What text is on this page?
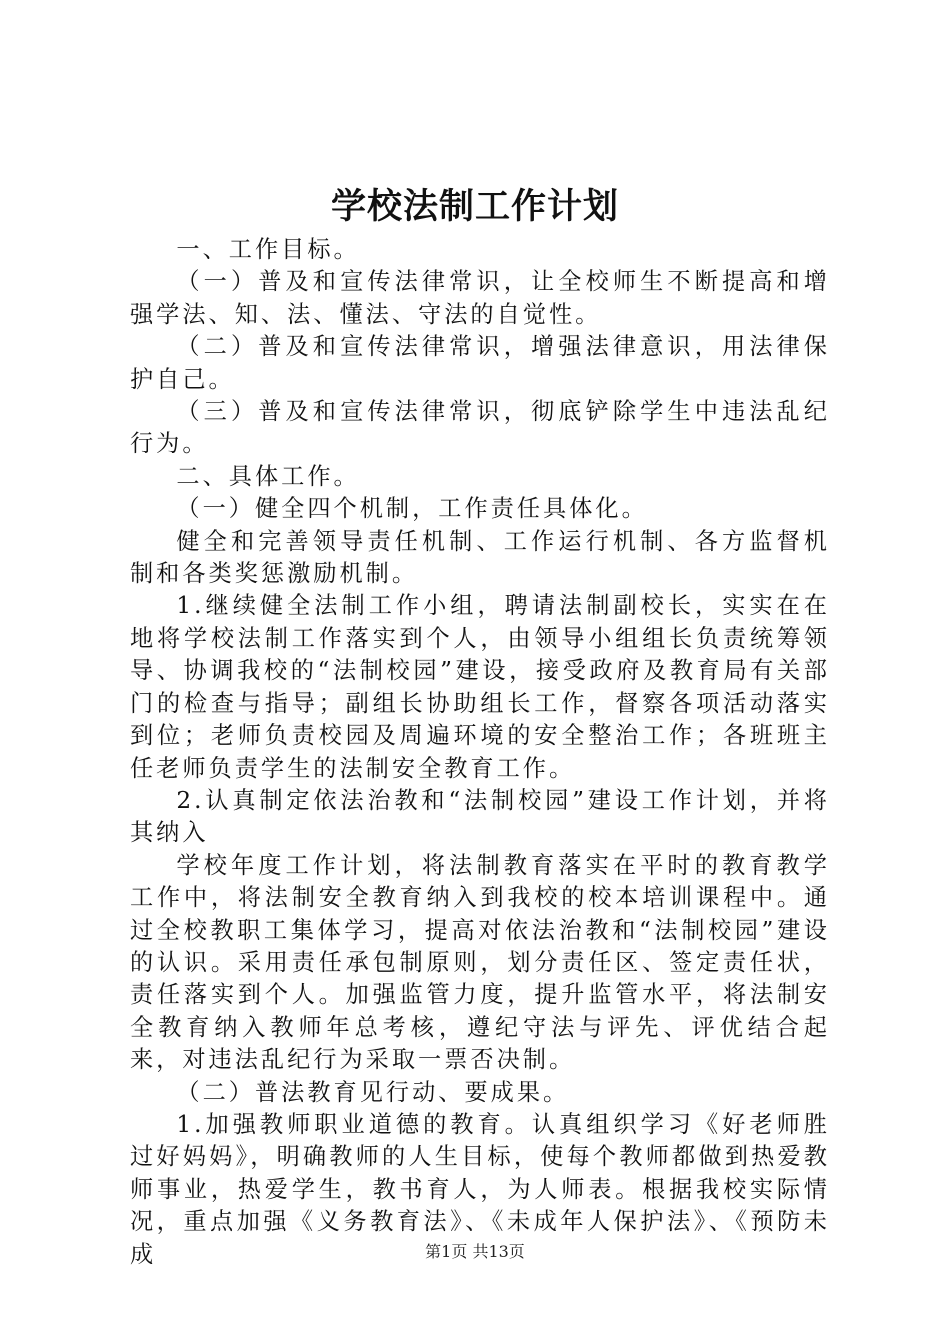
学校法制工作计划

一、工作目标。

（一）普及和宣传法律常识，让全校师生不断提高和增强学法、知、法、懂法、守法的自觉性。

（二）普及和宣传法律常识，增强法律意识，用法律保护自己。

（三）普及和宣传法律常识，彻底铲除学生中违法乱纪行为。

二、具体工作。

（一）健全四个机制，工作责任具体化。

健全和完善领导责任机制、工作运行机制、各方监督机制和各类奖惩激励机制。

1.继续健全法制工作小组，聘请法制副校长，实实在在地将学校法制工作落实到个人，由领导小组组长负责统筹领导、协调我校的“法制校园”建设，接受政府及教育局有关部门的检查与指导；副组长协助组长工作，督察各项活动落实到位；老师负责校园及周遍环境的安全整治工作；各班班主任老师负责学生的法制安全教育工作。

2.认真制定依法治教和“法制校园”建设工作计划，并将其纳入

学校年度工作计划，将法制教育落实在平时的教育教学工作中，将法制安全教育纳入到我校的校本培训课程中。通过全校教职工集体学习，提高对依法治教和“法制校园”建设的认识。采用责任承包制原则，划分责任区、签定责任状，责任落实到个人。加强监管力度，提升监管水平，将法制安全教育纳入教师年总考核，遵纪守法与评先、评优结合起来，对违法乱纪行为采取一票否决制。

（二）普法教育见行动、要成果。

1.加强教师职业道德的教育。认真组织学习《好老师胜过好妈妈》，明确教师的人生目标，使每个教师都做到热爱教师事业，热爱学生，教书育人，为人师表。根据我校实际情况，重点加强《义务教育法》、《未成年人保护法》、《预防未成	第1页 共13页
